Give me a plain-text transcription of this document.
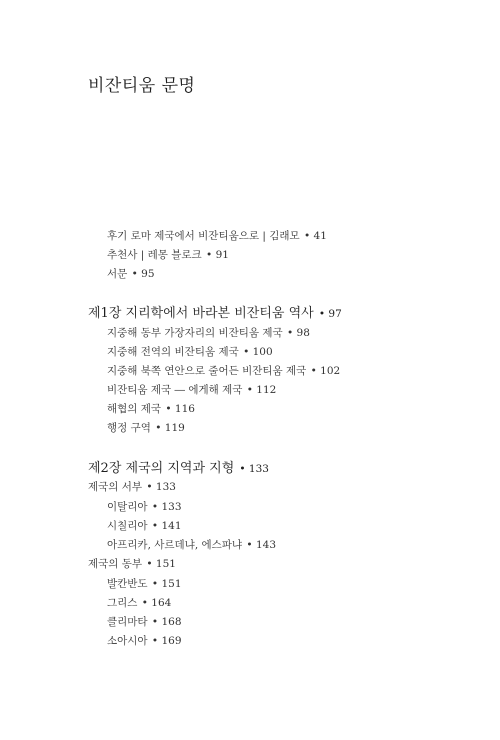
비잔티움 문명
후기 로마 제국에서 비잔티움으로 | 김래모 • 41
추천사 | 레몽 블로크 • 91
서문 • 95
제1장 지리학에서 바라본 비잔티움 역사 • 97
지중해 동부 가장자리의 비잔티움 제국 • 98
지중해 전역의 비잔티움 제국 • 100
지중해 북쪽 연안으로 줄어든 비잔티움 제국 • 102
비잔티움 제국 ― 에게해 제국 • 112
해협의 제국 • 116
행정 구역 • 119
제2장 제국의 지역과 지형 • 133
제국의 서부 • 133
이탈리아 • 133
시칠리아 • 141
아프리카, 사르데냐, 에스파냐 • 143
제국의 동부 • 151
발칸반도 • 151
그리스 • 164
클리마타 • 168
소아시아 • 169
